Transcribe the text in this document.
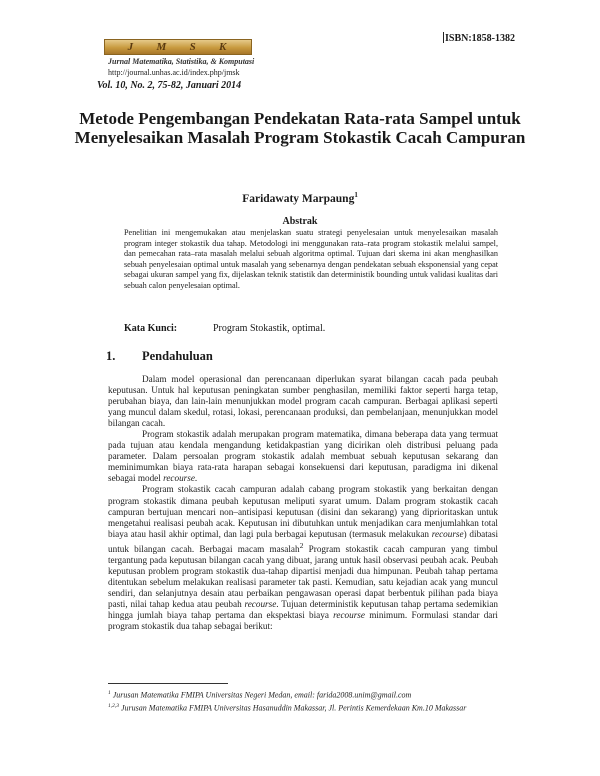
ISBN:1858-1382
J M S K
Jurnal Matematika, Statistika, & Komputasi
http://journal.unhas.ac.id/index.php/jmsk
Vol. 10, No. 2, 75-82, Januari 2014
Metode Pengembangan Pendekatan Rata-rata Sampel untuk Menyelesaikan Masalah Program Stokastik Cacah Campuran
Faridawaty Marpaung$^1$
Abstrak
Penelitian ini mengemukakan atau menjelaskan suatu strategi penyelesaian untuk menyelesaikan masalah program integer stokastik dua tahap. Metodologi ini menggunakan rata–rata program stokastik melalui sampel, dan pemecahan rata–rata masalah melalui sebuah algoritma optimal. Tujuan dari skema ini akan menghasilkan sebuah penyelesaian optimal untuk masalah yang sebenarnya dengan pendekatan sebuah eksponensial yang cepat sebagai ukuran sampel yang fix, dijelaskan teknik statistik dan deterministik bounding untuk validasi kualitas dari sebuah calon penyelesaian optimal.
Kata Kunci:	Program Stokastik, optimal.
1. Pendahuluan

Dalam model operasional dan perencanaan diperlukan syarat bilangan cacah pada peubah keputusan. Untuk hal keputusan peningkatan sumber penghasilan, memiliki faktor seperti harga tetap, perubahan biaya, dan lain-lain menunjukkan model program cacah campuran. Berbagai aplikasi seperti yang muncul dalam skedul, rotasi, lokasi, perencanaan produksi, dan pembelanjaan, menunjukkan model bilangan cacah.

Program stokastik adalah merupakan program matematika, dimana beberapa data yang termuat pada tujuan atau kendala mengandung ketidakpastian yang dicirikan oleh distribusi peluang pada parameter. Dalam persoalan program stokastik adalah membuat sebuah keputusan sekarang dan meminimumkan biaya rata-rata harapan sebagai konsekuensi dari keputusan, paradigma ini dikenal sebagai model recourse.

Program stokastik cacah campuran adalah cabang program stokastik yang berkaitan dengan program stokastik dimana peubah keputusan meliputi syarat umum. Dalam program stokastik cacah campuran bertujuan mencari non–antisipasi keputusan (disini dan sekarang) yang diprioritaskan untuk mengetahui realisasi peubah acak. Keputusan ini dibutuhkan untuk menjadikan cara menjumlahkan total biaya atau hasil akhir optimal, dan lagi pula berbagai keputusan (termasuk melakukan recourse) dibatasi untuk bilangan cacah. Berbagai macam masalah$^2$ Program stokastik cacah campuran yang timbul tergantung pada keputusan bilangan cacah yang dibuat, jarang untuk hasil observasi peubah acak. Peubah keputusan problem program stokastik dua-tahap dipartisi menjadi dua himpunan. Peubah tahap pertama ditentukan sebelum melakukan realisasi parameter tak pasti. Kemudian, satu kejadian acak yang muncul sendiri, dan selanjutnya desain atau perbaikan pengawasan operasi dapat berbentuk pilihan pada biaya pasti, nilai tahap kedua atau peubah recourse. Tujuan deterministik keputusan tahap pertama sedemikian hingga jumlah biaya tahap pertama dan ekspektasi biaya recourse minimum. Formulasi standar dari program stokastik dua tahap sebagai berikut:

$^1$ Jurusan Matematika FMIPA Universitas Negeri Medan, email: farida2008.unim@gmail.com
$^{1,2,3}$ Jurusan Matematika FMIPA Universitas Hasanuddin Makassar, Jl. Perintis Kemerdekaan Km.10 Makassar
